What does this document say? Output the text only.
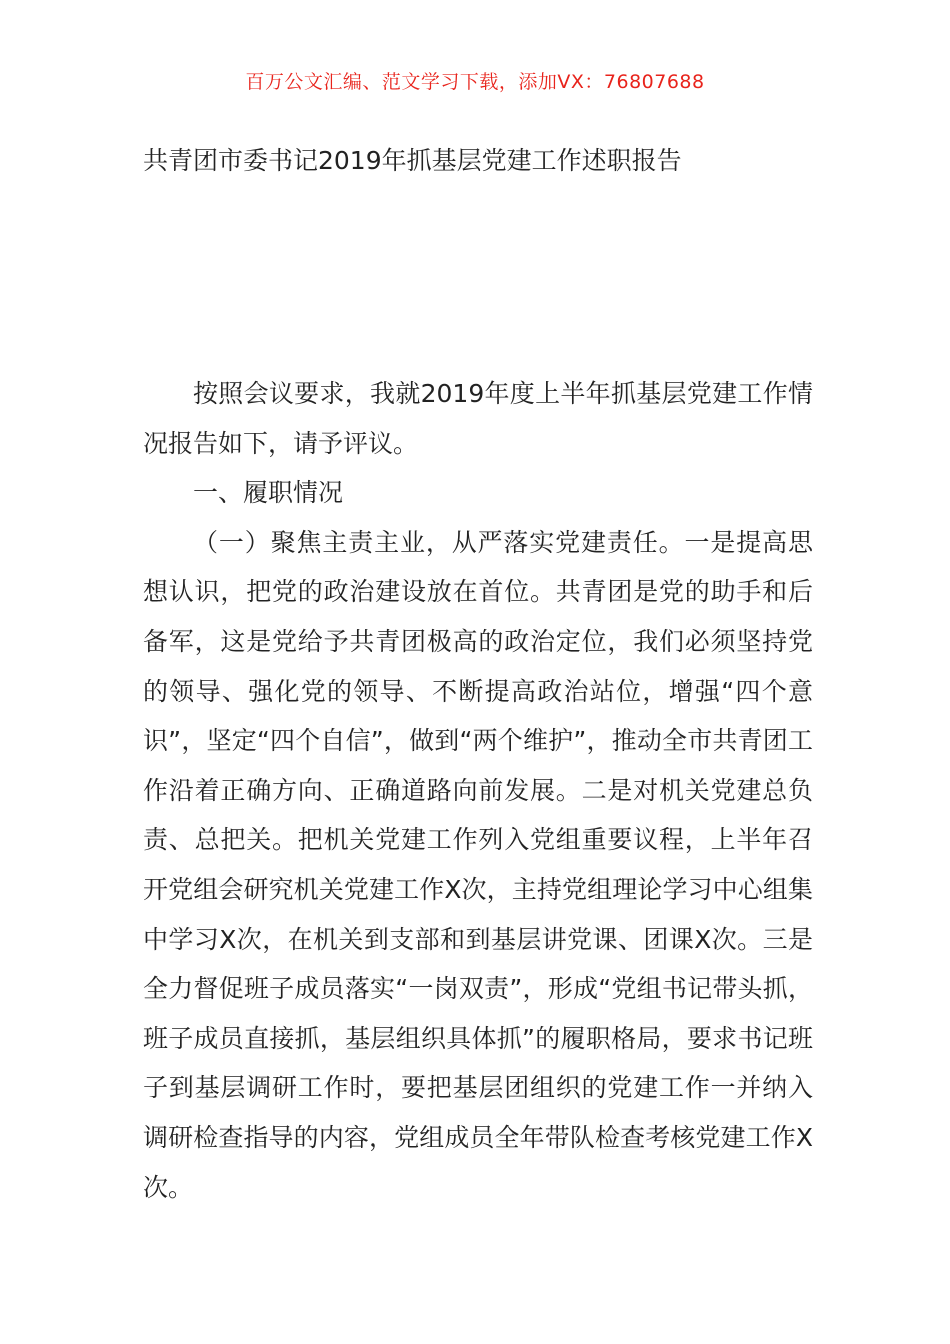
百万公文汇编、范文学习下载，添加VX：76807688
共青团市委书记2019年抓基层党建工作述职报告

按照会议要求，我就2019年度上半年抓基层党建工作情况报告如下，请予评议。

一、履职情况

（一）聚焦主责主业，从严落实党建责任。一是提高思想认识，把党的政治建设放在首位。共青团是党的助手和后备军，这是党给予共青团极高的政治定位，我们必须坚持党的领导、强化党的领导、不断提高政治站位，增强“四个意识”，坚定“四个自信”，做到“两个维护”，推动全市共青团工作沿着正确方向、正确道路向前发展。二是对机关党建总负责、总把关。把机关党建工作列入党组重要议程，上半年召开党组会研究机关党建工作X次，主持党组理论学习中心组集中学习X次，在机关到支部和到基层讲党课、团课X次。三是全力督促班子成员落实“一岗双责”，形成“党组书记带头抓，班子成员直接抓，基层组织具体抓”的履职格局，要求书记班子到基层调研工作时，要把基层团组织的党建工作一并纳入调研检查指导的内容，党组成员全年带队检查考核党建工作X次。
